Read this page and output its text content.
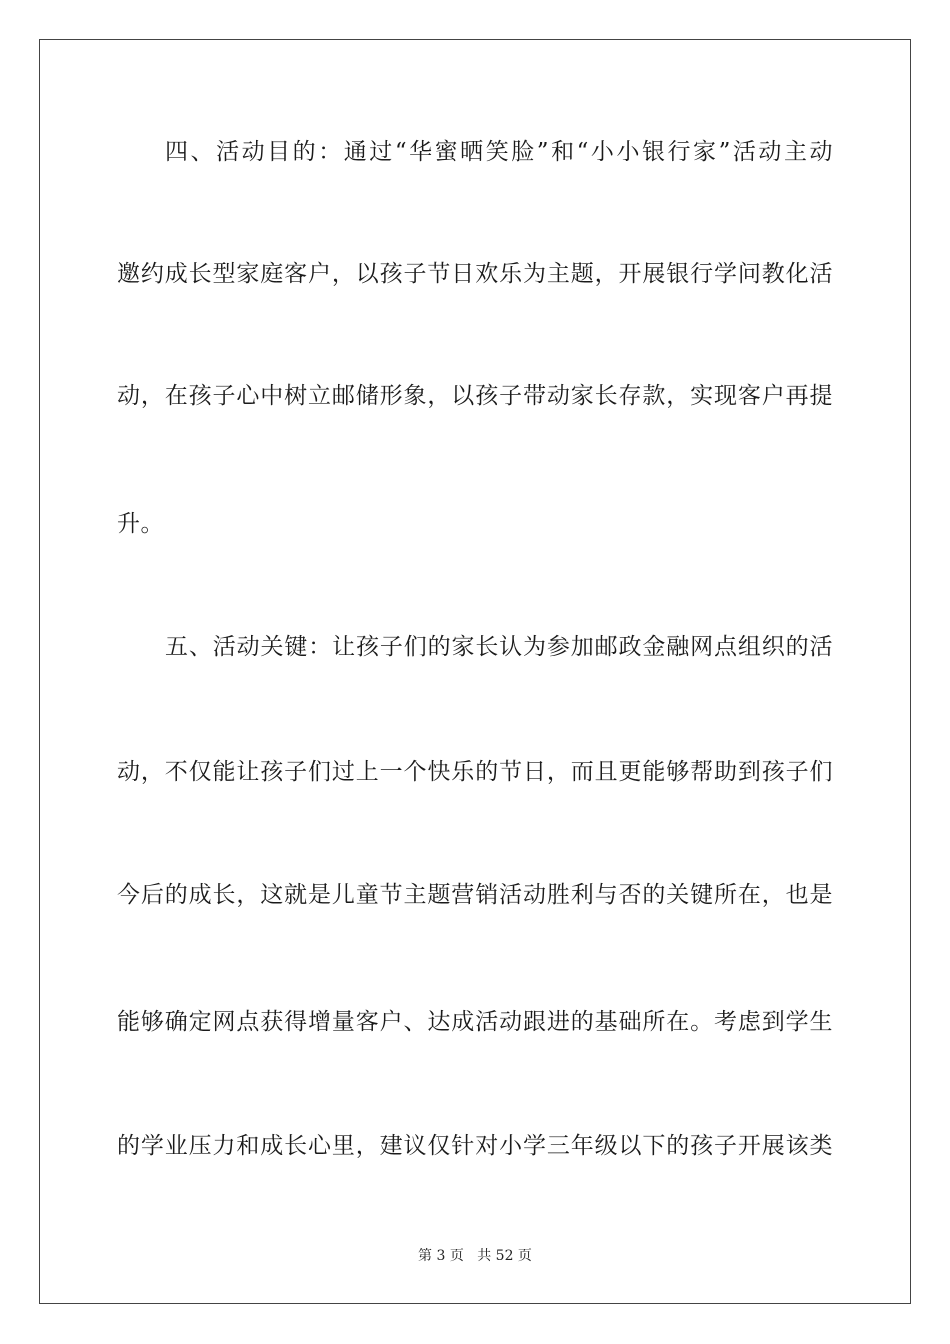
四、活动目的：通过“华蜜晒笑脸”和“小小银行家”活动主动
邀约成长型家庭客户，以孩子节日欢乐为主题，开展银行学问教化活
动，在孩子心中树立邮储形象，以孩子带动家长存款，实现客户再提
升。
五、活动关键：让孩子们的家长认为参加邮政金融网点组织的活
动，不仅能让孩子们过上一个快乐的节日，而且更能够帮助到孩子们
今后的成长，这就是儿童节主题营销活动胜利与否的关键所在，也是
能够确定网点获得增量客户、达成活动跟进的基础所在。考虑到学生
的学业压力和成长心里，建议仅针对小学三年级以下的孩子开展该类
第 3 页 共 52 页
